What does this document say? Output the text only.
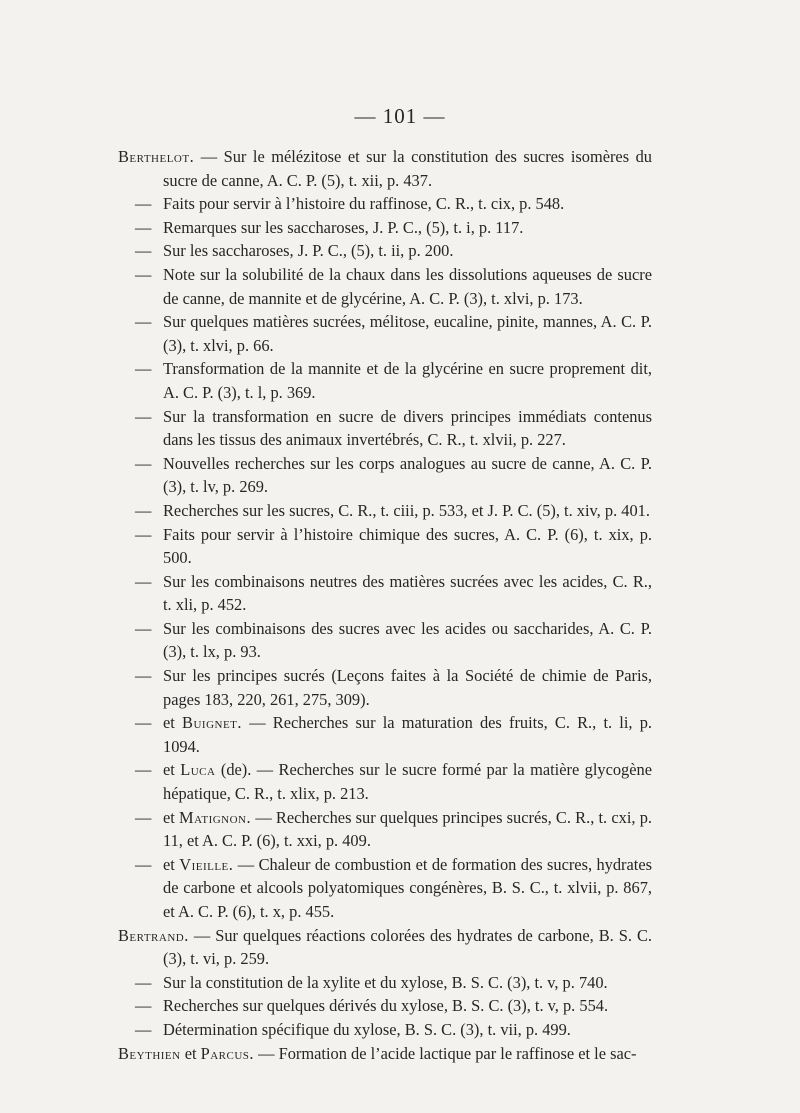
— 101 —

Berthelot. — Sur le mélézitose et sur la constitution des sucres isomères du sucre de canne, A. C. P. (5), t. xii, p. 437.

— Faits pour servir à l’histoire du raffinose, C. R., t. cix, p. 548.

— Remarques sur les saccharoses, J. P. C., (5), t. i, p. 117.

— Sur les saccharoses, J. P. C., (5), t. ii, p. 200.

— Note sur la solubilité de la chaux dans les dissolutions aqueuses de sucre de canne, de mannite et de glycérine, A. C. P. (3), t. xlvi, p. 173.

— Sur quelques matières sucrées, mélitose, eucaline, pinite, mannes, A. C. P. (3), t. xlvi, p. 66.

— Transformation de la mannite et de la glycérine en sucre proprement dit, A. C. P. (3), t. l, p. 369.

— Sur la transformation en sucre de divers principes immédiats contenus dans les tissus des animaux invertébrés, C. R., t. xlvii, p. 227.

— Nouvelles recherches sur les corps analogues au sucre de canne, A. C. P. (3), t. lv, p. 269.

— Recherches sur les sucres, C. R., t. ciii, p. 533, et J. P. C. (5), t. xiv, p. 401.

— Faits pour servir à l’histoire chimique des sucres, A. C. P. (6), t. xix, p. 500.

— Sur les combinaisons neutres des matières sucrées avec les acides, C. R., t. xli, p. 452.

— Sur les combinaisons des sucres avec les acides ou saccharides, A. C. P. (3), t. lx, p. 93.

— Sur les principes sucrés (Leçons faites à la Société de chimie de Paris, pages 183, 220, 261, 275, 309).

— et Buignet. — Recherches sur la maturation des fruits, C. R., t. li, p. 1094.

— et Luca (de). — Recherches sur le sucre formé par la matière glycogène hépatique, C. R., t. xlix, p. 213.

— et Matignon. — Recherches sur quelques principes sucrés, C. R., t. cxi, p. 11, et A. C. P. (6), t. xxi, p. 409.

— et Vieille. — Chaleur de combustion et de formation des sucres, hydrates de carbone et alcools polyatomiques congénères, B. S. C., t. xlvii, p. 867, et A. C. P. (6), t. x, p. 455.

Bertrand. — Sur quelques réactions colorées des hydrates de carbone, B. S. C. (3), t. vi, p. 259.

— Sur la constitution de la xylite et du xylose, B. S. C. (3), t. v, p. 740.

— Recherches sur quelques dérivés du xylose, B. S. C. (3), t. v, p. 554.

— Détermination spécifique du xylose, B. S. C. (3), t. vii, p. 499.

Beythien et Parcus. — Formation de l’acide lactique par le raffinose et le sac-
